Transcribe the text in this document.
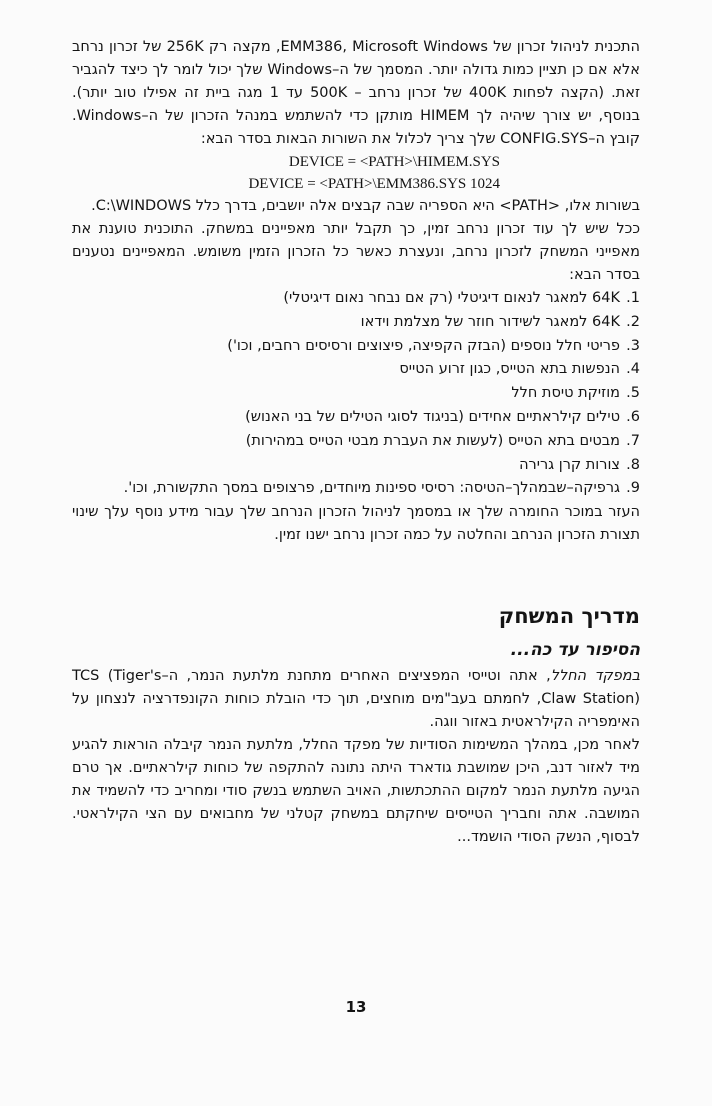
התכנית לניהול זכרון של EMM386, Microsoft Windows, מקצה רק 256K של זכרון נרחב אלא אם כן תציין כמות גדולה יותר. המסמך של ה–Windows שלך יכול לומר לך כיצד להגביר זאת. (הקצה לפחות 400K של זכרון נרחב – 500K עד 1 מגה ביית זה אפילו טוב יותר). בנוסף, יש צורך שיהיה לך HIMEM מותקן כדי להשתמש במנהל הזכרון של ה–Windows. קובץ ה–CONFIG.SYS שלך צריך לכלול את השורות הבאות בסדר הבא:

DEVICE = <PATH>\HIMEM.SYS

DEVICE = <PATH>\EMM386.SYS 1024

בשורות אלו, <PATH> היא הספריה שבה קבצים אלה יושבים, בדרך כלל C:\WINDOWS.

ככל שיש לך עוד זכרון נרחב זמין, כך תקבל יותר מאפיינים במשחק. התוכנית טוענת את מאפייני המשחק לזכרון נרחב, ונעצרת כאשר כל הזכרון הזמין משומש. המאפיינים נטענים בסדר הבא:

1.
64K למאגר לנאום דיגיטלי (רק אם נבחר נאום דיגיטלי)
2.
64K למאגר לשידור חוזר של מצלמת וידאו
3.
פריטי חלל נוספים (הבזק הקפיצה, פיצוצים ורסיסים רחבים, וכו')
4.
הנפשות בתא הטייס, כגון זרוע הטייס
5.
מוזיקת טיסת חלל
6.
טילים קילראתיים אחידים (בניגוד לסוגי הטילים של בני האנוש)
7.
מבטים בתא הטייס (לעשות את העברת מבטי הטייס במהירות)
8.
צורות קרן גרירה
9.
גרפיקה–שבמהלך–הטיסה: רסיסי ספינות מיוחדים, פרצופים במסך התקשורת, וכו'.

העזר במוכר החומרה שלך או במסמך לניהול הזכרון הנרחב שלך עבור מידע נוסף עלך שינוי תצורת הזכרון הנרחב והחלטה על כמה זכרון נרחב ישנו זמין.

מדריך המשחק
הסיפור עד כה...

במפקד החלל, אתה וטייסי המפציצים האחרים מתחנת מלתעת הנמר, ה–TCS (Tiger's Claw Station), לחמתם בעב"מים מוחצים, תוך כדי הובלת כוחות הקונפדרציה לנצחון על האימפריה הקילראטית באזור ווגה.

לאחר מכן, במהלך המשימות הסודיות של מפקד החלל, מלתעת הנמר קיבלה הוראות להגיע מיד לאזור דנב, היכן שמושבת גודארד היתה נתונה להתקפה של כוחות קילראתיים. אך טרם הגיעה מלתעת הנמר למקום ההתכתשות, האויב השתמש בנשק סודי ומחריב כדי להשמיד את המושבה. אתה וחבריך הטייסים שיחקתם במשחק קטלני של מחבואים עם הצי הקילראטי. לבסוף, הנשק הסודי הושמד...

13
